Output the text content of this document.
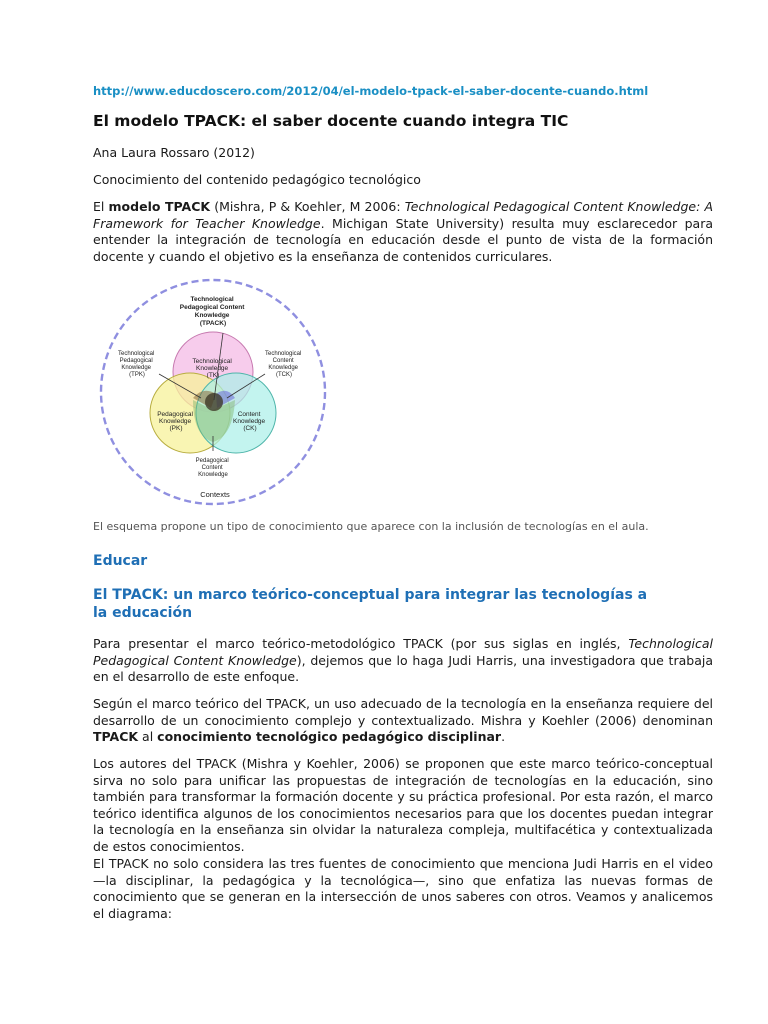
http://www.educdoscero.com/2012/04/el-modelo-tpack-el-saber-docente-cuando.html
El modelo TPACK: el saber docente cuando integra TIC
Ana Laura Rossaro (2012)
Conocimiento del contenido pedagógico tecnológico

El modelo TPACK (Mishra, P & Koehler, M 2006: Technological Pedagogical Content Knowledge: A Framework for Teacher Knowledge. Michigan State University) resulta muy esclarecedor para entender la integración de tecnología en educación desde el punto de vista de la formación docente y cuando el objetivo es la enseñanza de contenidos curriculares.

Technological Pedagogical Content Knowledge (TPACK)
Technological Knowledge (TK)
Pedagogical Knowledge (PK)
Content Knowledge (CK)
Technological Pedagogical Knowledge (TPK)
Technological Content Knowledge (TCK)
Pedagogical Content Knowledge
Contexts
El esquema propone un tipo de conocimiento que aparece con la inclusión de tecnologías en el aula.
Educar
El TPACK: un marco teórico-conceptual para integrar las tecnologías a la educación

Para presentar el marco teórico-metodológico TPACK (por sus siglas en inglés, Technological Pedagogical Content Knowledge), dejemos que lo haga Judi Harris, una investigadora que trabaja en el desarrollo de este enfoque.

Según el marco teórico del TPACK, un uso adecuado de la tecnología en la enseñanza requiere del desarrollo de un conocimiento complejo y contextualizado. Mishra y Koehler (2006) denominan TPACK al conocimiento tecnológico pedagógico disciplinar.

Los autores del TPACK (Mishra y Koehler, 2006) se proponen que este marco teórico-conceptual sirva no solo para unificar las propuestas de integración de tecnologías en la educación, sino también para transformar la formación docente y su práctica profesional. Por esta razón, el marco teórico identifica algunos de los conocimientos necesarios para que los docentes puedan integrar la tecnología en la enseñanza sin olvidar la naturaleza compleja, multifacética y contextualizada de estos conocimientos.

El TPACK no solo considera las tres fuentes de conocimiento que menciona Judi Harris en el video —la disciplinar, la pedagógica y la tecnológica—, sino que enfatiza las nuevas formas de conocimiento que se generan en la intersección de unos saberes con otros. Veamos y analicemos el diagrama:
